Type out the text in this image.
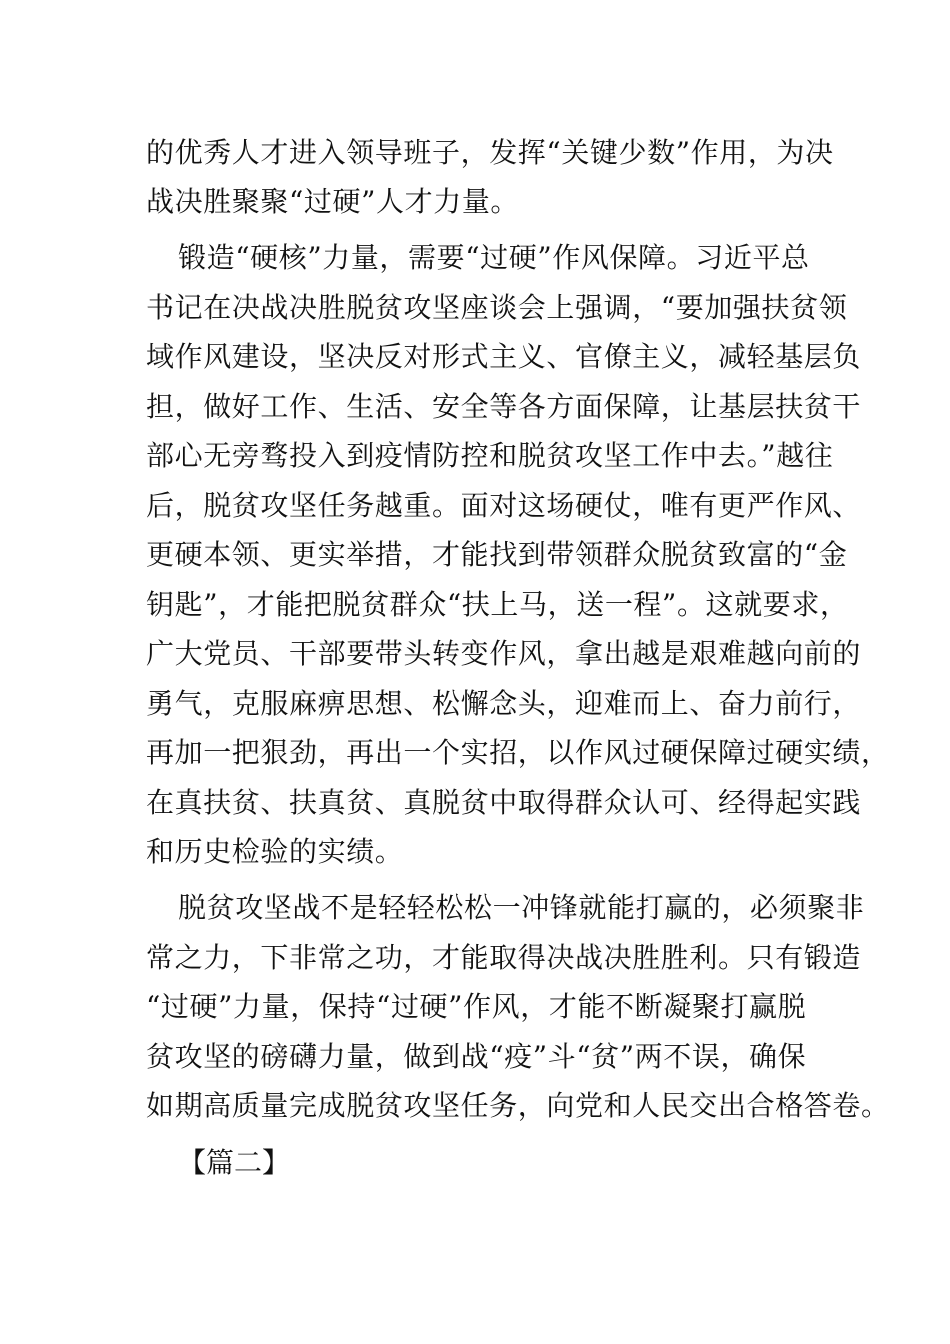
的优秀人才进入领导班子，发挥“关键少数”作用，为决
战决胜聚聚“过硬”人才力量。
锻造“硬核”力量，需要“过硬”作风保障。习近平总
书记在决战决胜脱贫攻坚座谈会上强调，“要加强扶贫领
域作风建设，坚决反对形式主义、官僚主义，减轻基层负
担，做好工作、生活、安全等各方面保障，让基层扶贫干
部心无旁骛投入到疫情防控和脱贫攻坚工作中去。”越往
后，脱贫攻坚任务越重。面对这场硬仗，唯有更严作风、
更硬本领、更实举措，才能找到带领群众脱贫致富的“金
钥匙”，才能把脱贫群众“扶上马，送一程”。这就要求，
广大党员、干部要带头转变作风，拿出越是艰难越向前的
勇气，克服麻痹思想、松懈念头，迎难而上、奋力前行，
再加一把狠劲，再出一个实招，以作风过硬保障过硬实绩，
在真扶贫、扶真贫、真脱贫中取得群众认可、经得起实践
和历史检验的实绩。
脱贫攻坚战不是轻轻松松一冲锋就能打赢的，必须聚非
常之力，下非常之功，才能取得决战决胜胜利。只有锻造
“过硬”力量，保持“过硬”作风，才能不断凝聚打赢脱
贫攻坚的磅礴力量，做到战“疫”斗“贫”两不误，确保
如期高质量完成脱贫攻坚任务，向党和人民交出合格答卷。
【篇二】
